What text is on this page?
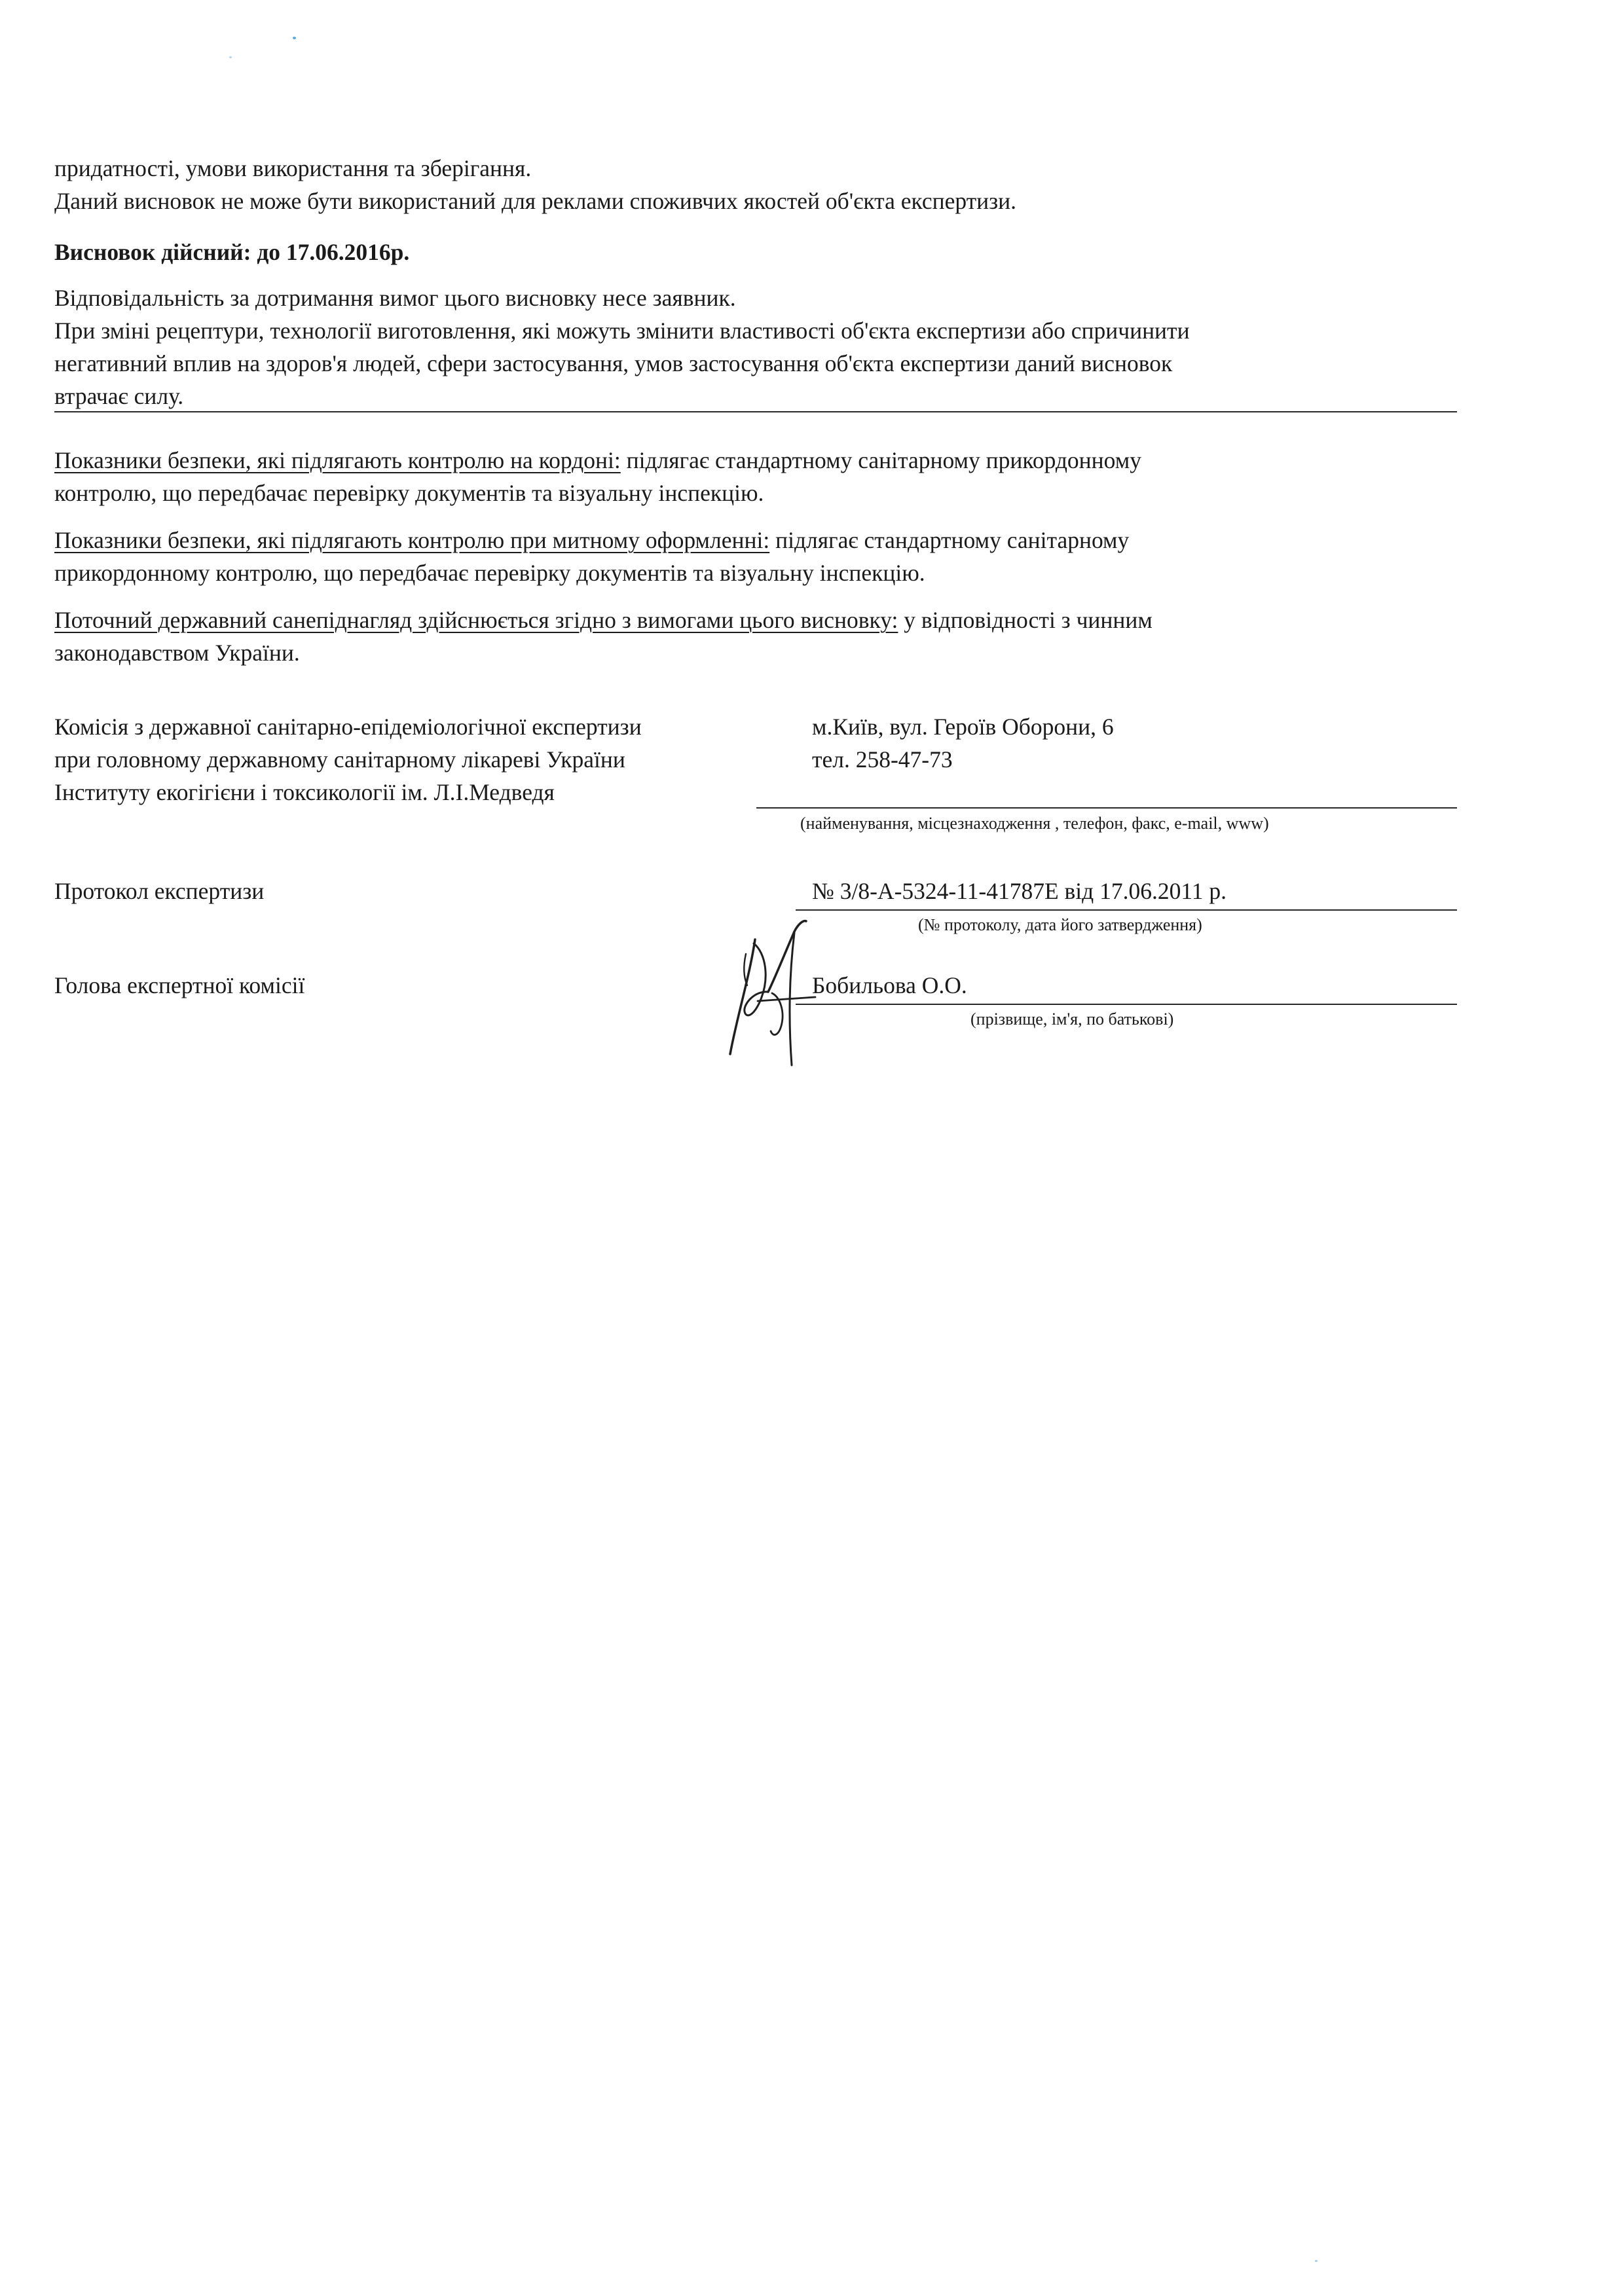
придатності, умови використання та зберігання.
Даний висновок не може бути використаний для реклами споживчих якостей об'єкта експертизи.
Висновок дійсний: до 17.06.2016р.
Відповідальність за дотримання вимог цього висновку несе заявник.
При зміні рецептури, технології виготовлення, які можуть змінити властивості об'єкта експертизи або спричинити
негативний вплив на здоров'я людей, сфери застосування, умов застосування об'єкта експертизи даний висновок
втрачає силу.
Показники безпеки, які підлягають контролю на кордоні: підлягає стандартному санітарному прикордонному
контролю, що передбачає перевірку документів та візуальну інспекцію.
Показники безпеки, які підлягають контролю при митному оформленні: підлягає стандартному санітарному
прикордонному контролю, що передбачає перевірку документів та візуальну інспекцію.
Поточний державний санепіднагляд здійснюється згідно з вимогами цього висновку: у відповідності з чинним
законодавством України.
Комісія з державної санітарно-епідеміологічної експертизи
при головному державному санітарному лікареві України
Інституту екогігієни і токсикології ім. Л.І.Медведя
м.Київ, вул. Героїв Оборони, 6
тел. 258-47-73
(найменування, місцезнаходження , телефон, факс, e-mail, www)
Протокол експертизи	№ 3/8-А-5324-11-41787Е від 17.06.2011 р.
(№ протоколу, дата його затвердження)
Голова експертної комісії	Бобильова О.О.
(прізвище, ім'я, по батькові)
